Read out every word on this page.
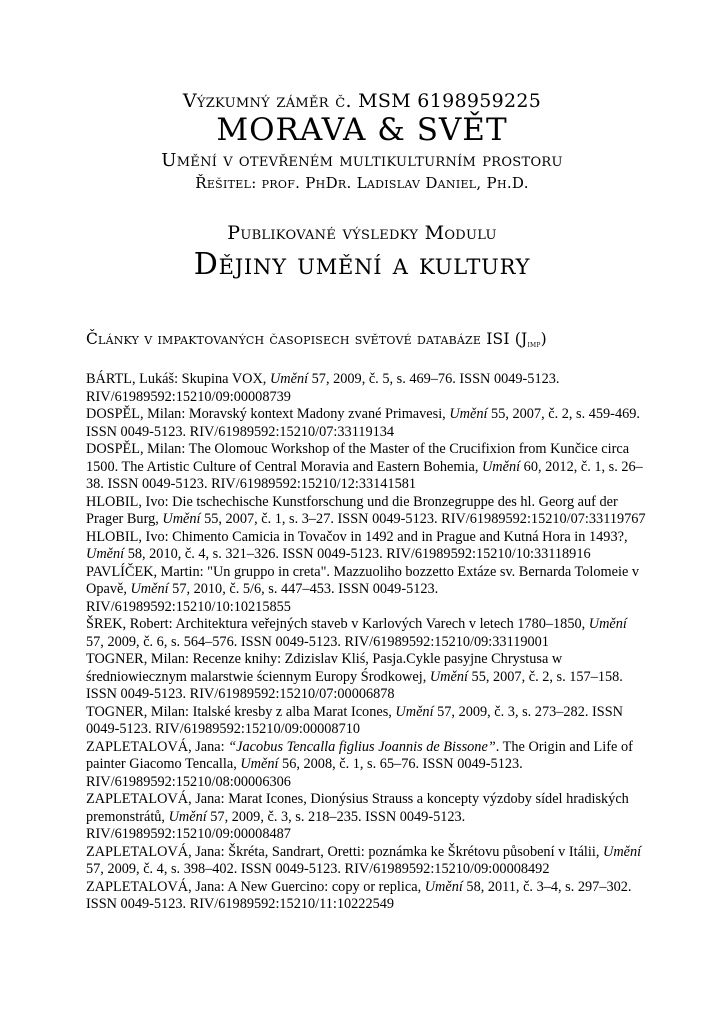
Výzkumný záměr č. MSM 6198959225
MORAVA & SVĚT
Umění v otevřeném multikulturním prostoru
Řešitel: prof. PhDr. Ladislav Daniel, Ph.D.
Publikované výsledky Modulu
Dějiny umění a kultury
Články v impaktovaných časopisech světové databáze ISI $(J_{imp})$

BÁRTL, Lukáš: Skupina VOX, Umění 57, 2009, č. 5, s. 469–76. ISSN 0049-5123. RIV/61989592:15210/09:00008739

DOSPĚL, Milan: Moravský kontext Madony zvané Primavesi, Umění 55, 2007, č. 2, s. 459-469. ISSN 0049-5123. RIV/61989592:15210/07:33119134

DOSPĚL, Milan: The Olomouc Workshop of the Master of the Crucifixion from Kunčice circa 1500. The Artistic Culture of Central Moravia and Eastern Bohemia, Umění 60, 2012, č. 1, s. 26–38. ISSN 0049-5123. RIV/61989592:15210/12:33141581

HLOBIL, Ivo: Die tschechische Kunstforschung und die Bronzegruppe des hl. Georg auf der Prager Burg, Umění 55, 2007, č. 1, s. 3–27. ISSN 0049-5123. RIV/61989592:15210/07:33119767

HLOBIL, Ivo: Chimento Camicia in Tovačov in 1492 and in Prague and Kutná Hora in 1493?, Umění 58, 2010, č. 4, s. 321–326. ISSN 0049-5123. RIV/61989592:15210/10:33118916

PAVLÍČEK, Martin: "Un gruppo in creta". Mazzuoliho bozzetto Extáze sv. Bernarda Tolomeie v Opavě, Umění 57, 2010, č. 5/6, s. 447–453. ISSN 0049-5123. RIV/61989592:15210/10:10215855

ŠREK, Robert: Architektura veřejných staveb v Karlových Varech v letech 1780–1850, Umění 57, 2009, č. 6, s. 564–576. ISSN 0049-5123. RIV/61989592:15210/09:33119001

TOGNER, Milan: Recenze knihy: Zdizislav Kliś, Pasja.Cykle pasyjne Chrystusa w średniowiecznym malarstwie ściennym Europy Środkowej, Umění 55, 2007, č. 2, s. 157–158. ISSN 0049-5123. RIV/61989592:15210/07:00006878

TOGNER, Milan: Italské kresby z alba Marat Icones, Umění 57, 2009, č. 3, s. 273–282. ISSN 0049-5123. RIV/61989592:15210/09:00008710

ZAPLETALOVÁ, Jana: “Jacobus Tencalla figlius Joannis de Bissone”. The Origin and Life of painter Giacomo Tencalla, Umění 56, 2008, č. 1, s. 65–76. ISSN 0049-5123. RIV/61989592:15210/08:00006306

ZAPLETALOVÁ, Jana: Marat Icones, Dionýsius Strauss a koncepty výzdoby sídel hradiských premonstrátů, Umění 57, 2009, č. 3, s. 218–235. ISSN 0049-5123. RIV/61989592:15210/09:00008487

ZAPLETALOVÁ, Jana: Škréta, Sandrart, Oretti: poznámka ke Škrétovu působení v Itálii, Umění 57, 2009, č. 4, s. 398–402. ISSN 0049-5123. RIV/61989592:15210/09:00008492

ZAPLETALOVÁ, Jana: A New Guercino: copy or replica, Umění 58, 2011, č. 3–4, s. 297–302. ISSN 0049-5123. RIV/61989592:15210/11:10222549
